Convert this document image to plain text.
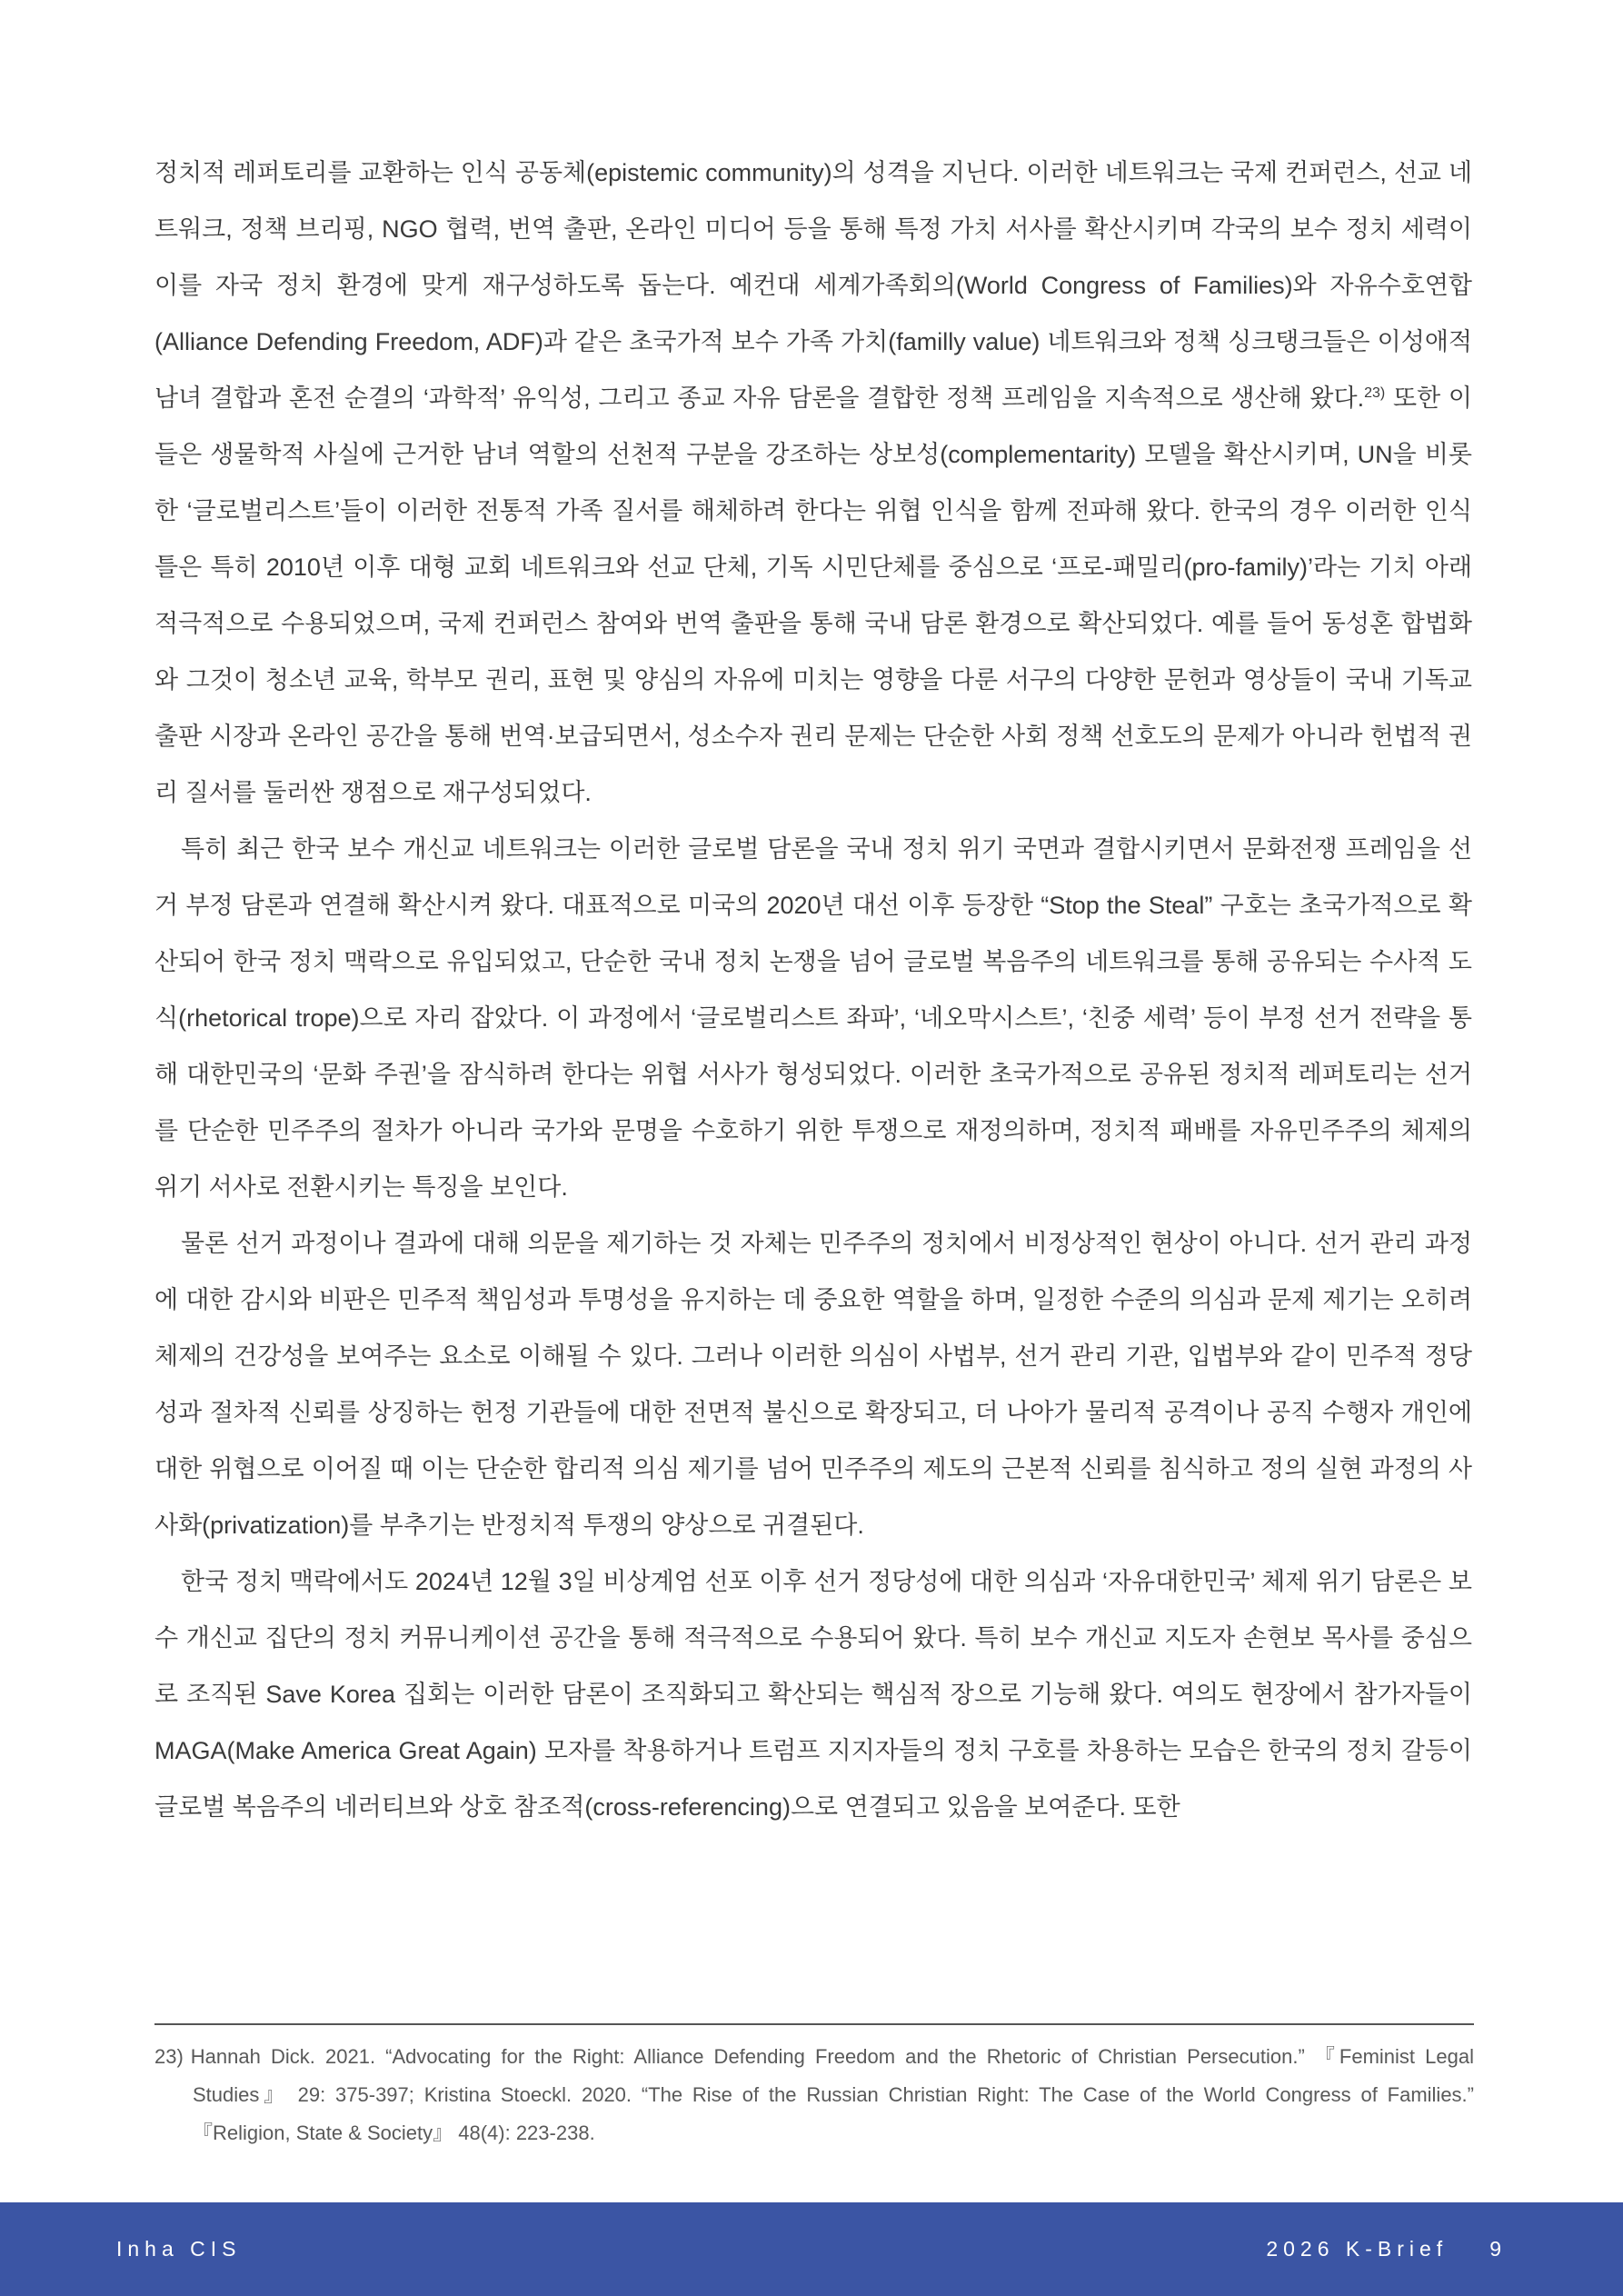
정치적 레퍼토리를 교환하는 인식 공동체(epistemic community)의 성격을 지닌다. 이러한 네트워크는 국제 컨퍼런스, 선교 네트워크, 정책 브리핑, NGO 협력, 번역 출판, 온라인 미디어 등을 통해 특정 가치 서사를 확산시키며 각국의 보수 정치 세력이 이를 자국 정치 환경에 맞게 재구성하도록 돕는다. 예컨대 세계가족회의(World Congress of Families)와 자유수호연합(Alliance Defending Freedom, ADF)과 같은 초국가적 보수 가족 가치(familly value) 네트워크와 정책 싱크탱크들은 이성애적 남녀 결합과 혼전 순결의 ‘과학적’ 유익성, 그리고 종교 자유 담론을 결합한 정책 프레임을 지속적으로 생산해 왔다.$^{23)}$ 또한 이들은 생물학적 사실에 근거한 남녀 역할의 선천적 구분을 강조하는 상보성(complementarity) 모델을 확산시키며, UN을 비롯한 ‘글로벌리스트’들이 이러한 전통적 가족 질서를 해체하려 한다는 위협 인식을 함께 전파해 왔다. 한국의 경우 이러한 인식 틀은 특히 2010년 이후 대형 교회 네트워크와 선교 단체, 기독 시민단체를 중심으로 ‘프로-패밀리(pro-family)’라는 기치 아래 적극적으로 수용되었으며, 국제 컨퍼런스 참여와 번역 출판을 통해 국내 담론 환경으로 확산되었다. 예를 들어 동성혼 합법화와 그것이 청소년 교육, 학부모 권리, 표현 및 양심의 자유에 미치는 영향을 다룬 서구의 다양한 문헌과 영상들이 국내 기독교 출판 시장과 온라인 공간을 통해 번역·보급되면서, 성소수자 권리 문제는 단순한 사회 정책 선호도의 문제가 아니라 헌법적 권리 질서를 둘러싼 쟁점으로 재구성되었다.

특히 최근 한국 보수 개신교 네트워크는 이러한 글로벌 담론을 국내 정치 위기 국면과 결합시키면서 문화전쟁 프레임을 선거 부정 담론과 연결해 확산시켜 왔다. 대표적으로 미국의 2020년 대선 이후 등장한 “Stop the Steal” 구호는 초국가적으로 확산되어 한국 정치 맥락으로 유입되었고, 단순한 국내 정치 논쟁을 넘어 글로벌 복음주의 네트워크를 통해 공유되는 수사적 도식(rhetorical trope)으로 자리 잡았다. 이 과정에서 ‘글로벌리스트 좌파’, ‘네오막시스트’, ‘친중 세력’ 등이 부정 선거 전략을 통해 대한민국의 ‘문화 주권’을 잠식하려 한다는 위협 서사가 형성되었다. 이러한 초국가적으로 공유된 정치적 레퍼토리는 선거를 단순한 민주주의 절차가 아니라 국가와 문명을 수호하기 위한 투쟁으로 재정의하며, 정치적 패배를 자유민주주의 체제의 위기 서사로 전환시키는 특징을 보인다.

물론 선거 과정이나 결과에 대해 의문을 제기하는 것 자체는 민주주의 정치에서 비정상적인 현상이 아니다. 선거 관리 과정에 대한 감시와 비판은 민주적 책임성과 투명성을 유지하는 데 중요한 역할을 하며, 일정한 수준의 의심과 문제 제기는 오히려 체제의 건강성을 보여주는 요소로 이해될 수 있다. 그러나 이러한 의심이 사법부, 선거 관리 기관, 입법부와 같이 민주적 정당성과 절차적 신뢰를 상징하는 헌정 기관들에 대한 전면적 불신으로 확장되고, 더 나아가 물리적 공격이나 공직 수행자 개인에 대한 위협으로 이어질 때 이는 단순한 합리적 의심 제기를 넘어 민주주의 제도의 근본적 신뢰를 침식하고 정의 실현 과정의 사사화(privatization)를 부추기는 반정치적 투쟁의 양상으로 귀결된다.

한국 정치 맥락에서도 2024년 12월 3일 비상계엄 선포 이후 선거 정당성에 대한 의심과 ‘자유대한민국’ 체제 위기 담론은 보수 개신교 집단의 정치 커뮤니케이션 공간을 통해 적극적으로 수용되어 왔다. 특히 보수 개신교 지도자 손현보 목사를 중심으로 조직된 Save Korea 집회는 이러한 담론이 조직화되고 확산되는 핵심적 장으로 기능해 왔다. 여의도 현장에서 참가자들이 MAGA(Make America Great Again) 모자를 착용하거나 트럼프 지지자들의 정치 구호를 차용하는 모습은 한국의 정치 갈등이 글로벌 복음주의 네러티브와 상호 참조적(cross-referencing)으로 연결되고 있음을 보여준다. 또한

23) Hannah Dick. 2021. “Advocating for the Right: Alliance Defending Freedom and the Rhetoric of Christian Persecution.” 『Feminist Legal Studies』 29: 375-397; Kristina Stoeckl. 2020. “The Rise of the Russian Christian Right: The Case of the World Congress of Families.” 『Religion, State & Society』 48(4): 223-238.
Inha CIS	2026 K-Brief 9
